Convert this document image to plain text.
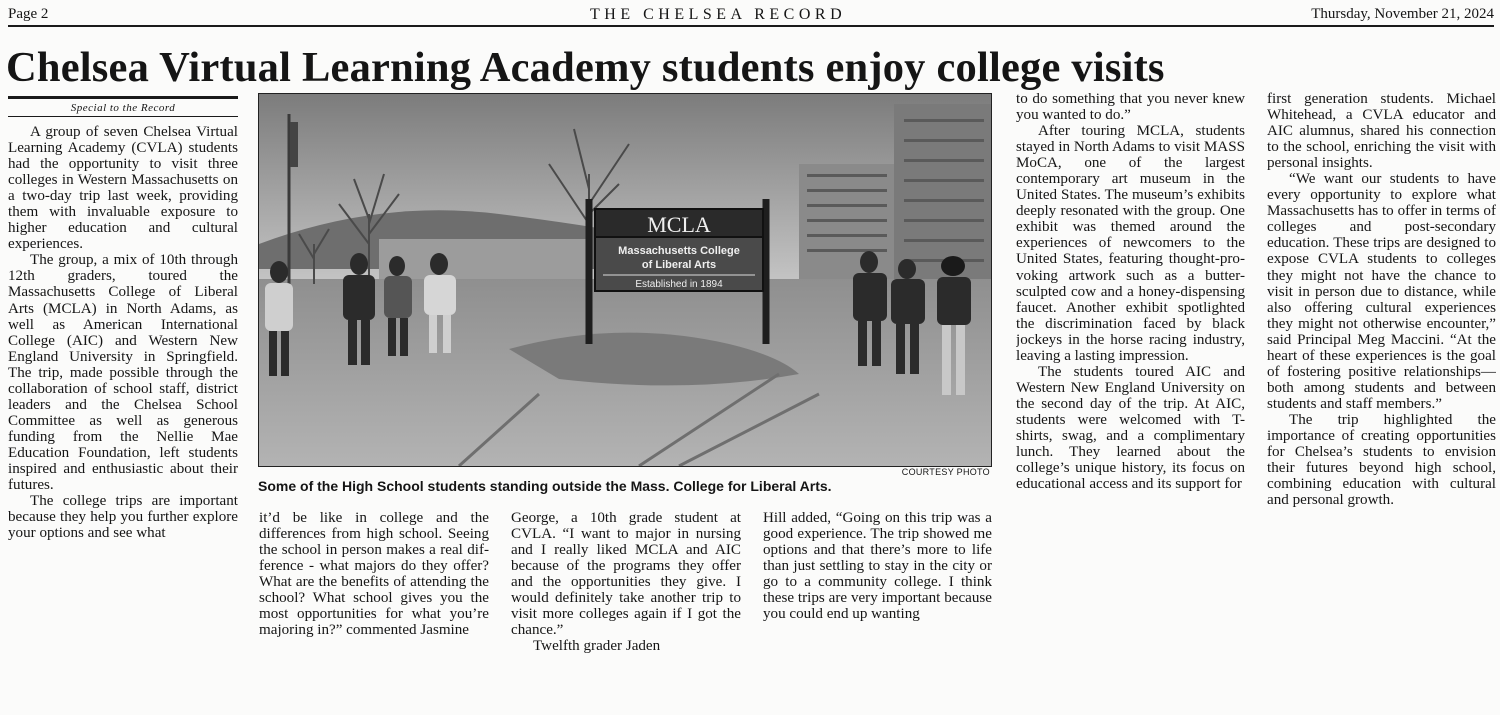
Page 2	THE CHELSEA RECORD	Thursday, November 21, 2024
Chelsea Virtual Learning Academy students enjoy college visits
Special to the Record

A group of seven Chelsea Virtual Learning Academy (CVLA) students had the opportunity to visit three colleges in Western Massachusetts on a two-day trip last week, providing them with invaluable exposure to higher education and cultural experiences.

The group, a mix of 10th through 12th graders, toured the Massachusetts College of Liberal Arts (MCLA) in North Adams, as well as American International College (AIC) and Western New England University in Springfield. The trip, made possible through the collaboration of school staff, district leaders and the Chelsea School Committee as well as generous funding from the Nellie Mae Education Foundation, left students inspired and enthusiastic about their futures.

The college trips are important because they help you further explore your options and see what

MCLA
Massachusetts College
of Liberal Arts
Established in 1894
COURTESY PHOTO
Some of the High School students standing outside the Mass. College for Liberal Arts.

it’d be like in college and the differences from high school. Seeing the school in person makes a real difference - what majors do they offer? What are the benefits of attending the school? What school gives you the most opportunities for what you’re majoring in?” commented Jasmine

George, a 10th grade student at CVLA. “I want to major in nursing and I really liked MCLA and AIC because of the programs they offer and the opportunities they give. I would definitely take another trip to visit more colleges again if I got the chance.”

Twelfth grader Jaden

Hill added, “Going on this trip was a good experience. The trip showed me options and that there’s more to life than just settling to stay in the city or go to a community college. I think these trips are very important because you could end up wanting

to do something that you never knew you wanted to do.”

After touring MCLA, students stayed in North Adams to visit MASS MoCA, one of the largest contemporary art museum in the United States. The museum’s exhibits deeply resonated with the group. One exhibit was themed around the experiences of newcomers to the United States, featuring thought-provoking artwork such as a butter-sculpted cow and a honey-dispensing faucet. Another exhibit spotlighted the discrimination faced by black jockeys in the horse racing industry, leaving a lasting impression.

The students toured AIC and Western New England University on the second day of the trip. At AIC, students were welcomed with T-shirts, swag, and a complimentary lunch. They learned about the college’s unique history, its focus on educational access and its support for

first generation students. Michael Whitehead, a CVLA educator and AIC alumnus, shared his connection to the school, enriching the visit with personal insights.

“We want our students to have every opportunity to explore what Massachusetts has to offer in terms of colleges and post-secondary education. These trips are designed to expose CVLA students to colleges they might not have the chance to visit in person due to distance, while also offering cultural experiences they might not otherwise encounter,” said Principal Meg Maccini. “At the heart of these experiences is the goal of fostering positive relationships—both among students and between students and staff members.”

The trip highlighted the importance of creating opportunities for Chelsea’s students to envision their futures beyond high school, combining education with cultural and personal growth.
